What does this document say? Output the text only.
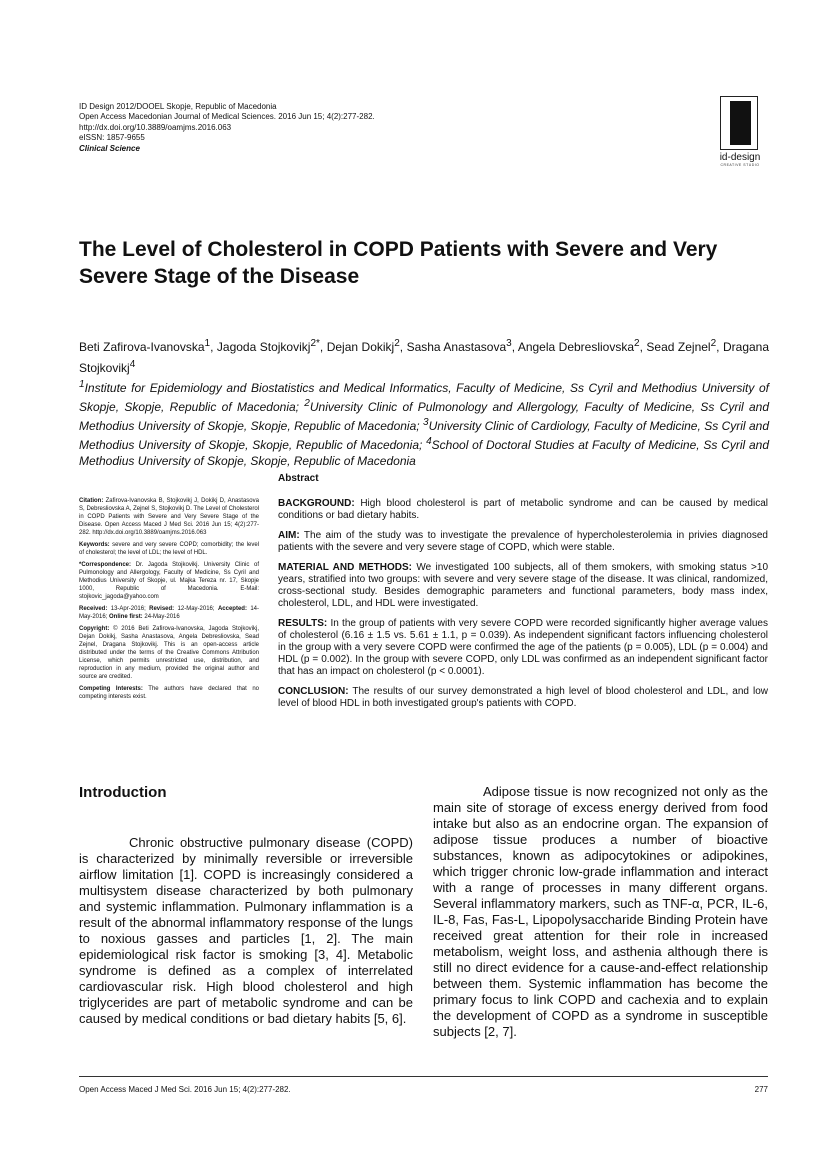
ID Design 2012/DOOEL Skopje, Republic of Macedonia
Open Access Macedonian Journal of Medical Sciences. 2016 Jun 15; 4(2):277-282.
http://dx.doi.org/10.3889/oamjms.2016.063
eISSN: 1857-9655
Clinical Science
id-design
CREATIVE STUDIO
The Level of Cholesterol in COPD Patients with Severe and Very Severe Stage of the Disease

Beti Zafirova-Ivanovska$^1$, Jagoda Stojkovikj$^{2*}$, Dejan Dokikj$^2$, Sasha Anastasova$^3$, Angela Debresliovska$^2$, Sead Zejnel$^2$, Dragana Stojkovikj$^4$

$^1$Institute for Epidemiology and Biostatistics and Medical Informatics, Faculty of Medicine, Ss Cyril and Methodius University of Skopje, Skopje, Republic of Macedonia; $^2$University Clinic of Pulmonology and Allergology, Faculty of Medicine, Ss Cyril and Methodius University of Skopje, Skopje, Republic of Macedonia; $^3$University Clinic of Cardiology, Faculty of Medicine, Ss Cyril and Methodius University of Skopje, Skopje, Republic of Macedonia; $^4$School of Doctoral Studies at Faculty of Medicine, Ss Cyril and Methodius University of Skopje, Skopje, Republic of Macedonia

Citation: Zafirova-Ivanovska B, Stojkovikj J, Dokikj D, Anastasova S, Debresliovska A, Zejnel S, Stojkovikj D. The Level of Cholesterol in COPD Patients with Severe and Very Severe Stage of the Disease. Open Access Maced J Med Sci. 2016 Jun 15; 4(2):277-282. http://dx.doi.org/10.3889/oamjms.2016.063

Keywords: severe and very severe COPD; comorbidity; the level of cholesterol; the level of LDL; the level of HDL.

*Correspondence: Dr. Jagoda Stojkovikj. University Clinic of Pulmonology and Allergology, Faculty of Medicine, Ss Cyril and Methodius University of Skopje, ul. Majka Tereza nr. 17, Skopje 1000, Republic of Macedonia. E-Mail: stojkovic_jagoda@yahoo.com

Received: 13-Apr-2016; Revised: 12-May-2016; Accepted: 14-May-2016; Online first: 24-May-2016

Copyright: © 2016 Beti Zafirova-Ivanovska, Jagoda Stojkovikj, Dejan Dokikj, Sasha Anastasova, Angela Debresliovska, Sead Zejnel, Dragana Stojkovikj. This is an open-access article distributed under the terms of the Creative Commons Attribution License, which permits unrestricted use, distribution, and reproduction in any medium, provided the original author and source are credited.

Competing Interests: The authors have declared that no competing interests exist.

Abstract

BACKGROUND: High blood cholesterol is part of metabolic syndrome and can be caused by medical conditions or bad dietary habits.

AIM: The aim of the study was to investigate the prevalence of hypercholesterolemia in privies diagnosed patients with the severe and very severe stage of COPD, which were stable.

MATERIAL AND METHODS: We investigated 100 subjects, all of them smokers, with smoking status >10 years, stratified into two groups: with severe and very severe stage of the disease. It was clinical, randomized, cross-sectional study. Besides demographic parameters and functional parameters, body mass index, cholesterol, LDL, and HDL were investigated.

RESULTS: In the group of patients with very severe COPD were recorded significantly higher average values of cholesterol (6.16 ± 1.5 vs. 5.61 ± 1.1, p = 0.039). As independent significant factors influencing cholesterol in the group with a very severe COPD were confirmed the age of the patients (p = 0.005), LDL (p = 0.004) and HDL (p = 0.002). In the group with severe COPD, only LDL was confirmed as an independent significant factor that has an impact on cholesterol (p < 0.0001).

CONCLUSION: The results of our survey demonstrated a high level of blood cholesterol and LDL, and low level of blood HDL in both investigated group's patients with COPD.

Introduction

Chronic obstructive pulmonary disease (COPD) is characterized by minimally reversible or irreversible airflow limitation [1]. COPD is increasingly considered a multisystem disease characterized by both pulmonary and systemic inflammation. Pulmonary inflammation is a result of the abnormal inflammatory response of the lungs to noxious gasses and particles [1, 2]. The main epidemiological risk factor is smoking [3, 4]. Metabolic syndrome is defined as a complex of interrelated cardiovascular risk. High blood cholesterol and high triglycerides are part of metabolic syndrome and can be caused by medical conditions or bad dietary habits [5, 6].

Adipose tissue is now recognized not only as the main site of storage of excess energy derived from food intake but also as an endocrine organ. The expansion of adipose tissue produces a number of bioactive substances, known as adipocytokines or adipokines, which trigger chronic low-grade inflammation and interact with a range of processes in many different organs. Several inflammatory markers, such as TNF-α, PCR, IL-6, IL-8, Fas, Fas-L, Lipopolysaccharide Binding Protein have received great attention for their role in increased metabolism, weight loss, and asthenia although there is still no direct evidence for a cause-and-effect relationship between them. Systemic inflammation has become the primary focus to link COPD and cachexia and to explain the development of COPD as a syndrome in susceptible subjects [2, 7].

Open Access Maced J Med Sci. 2016 Jun 15; 4(2):277-282.	277
